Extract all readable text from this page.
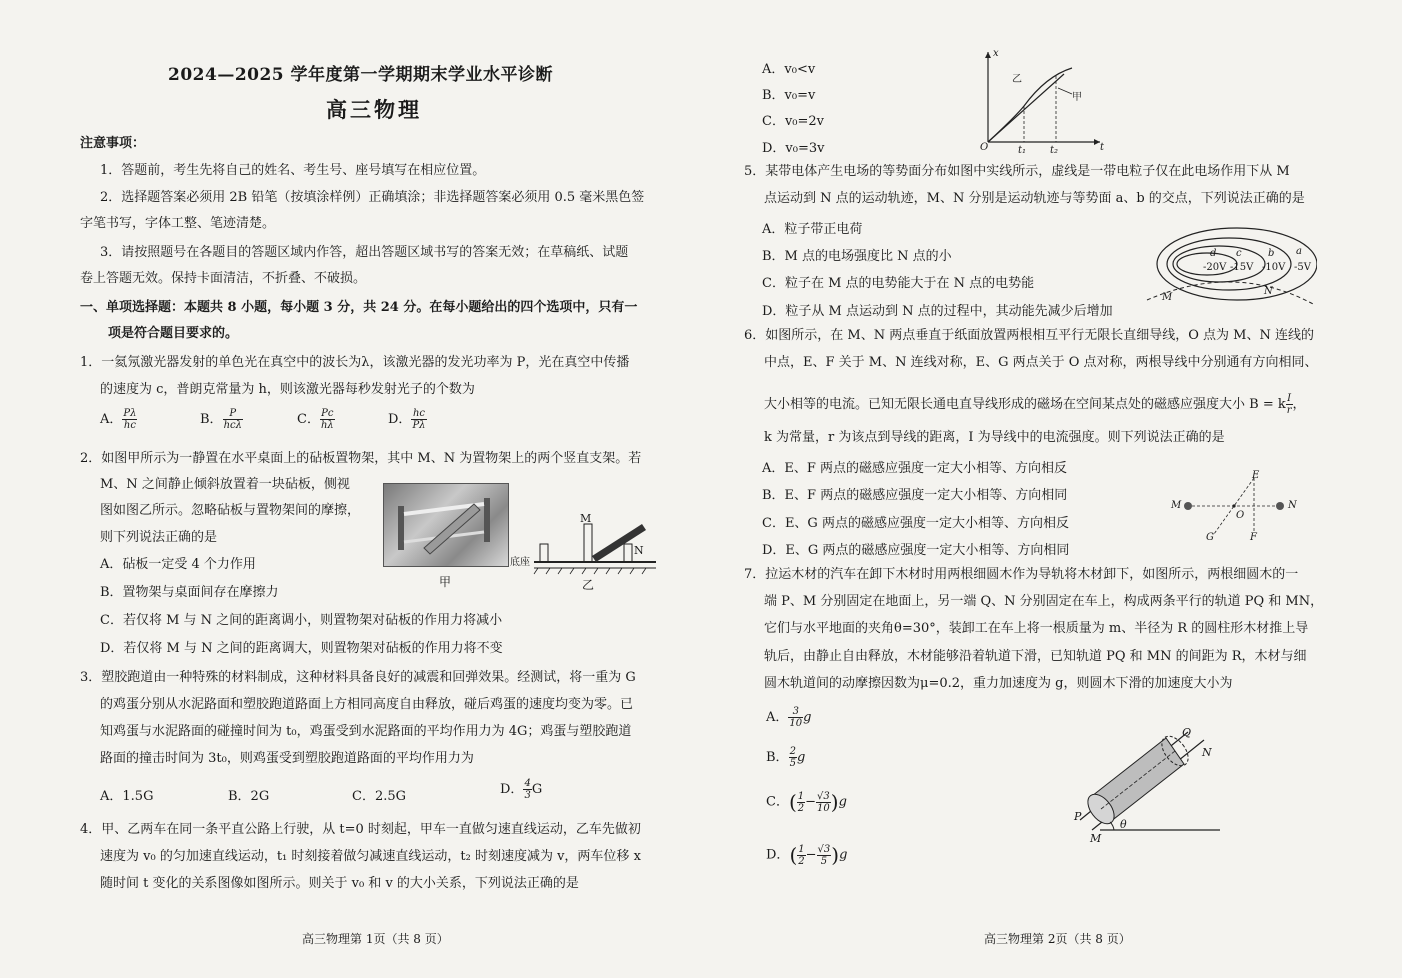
2024—2025 学年度第一学期期末学业水平诊断
高三物理
注意事项：
1．答题前，考生先将自己的姓名、考生号、座号填写在相应位置。
2．选择题答案必须用 2B 铅笔（按填涂样例）正确填涂；非选择题答案必须用 0.5 毫米黑色签
字笔书写，字体工整、笔迹清楚。
3．请按照题号在各题目的答题区域内作答，超出答题区域书写的答案无效；在草稿纸、试题
卷上答题无效。保持卡面清洁，不折叠、不破损。
一、单项选择题：本题共 8 小题，每小题 3 分，共 24 分。在每小题给出的四个选项中，只有一
项是符合题目要求的。
1．一氦氖激光器发射的单色光在真空中的波长为λ，该激光器的发光功率为 P，光在真空中传播
的速度为 c，普朗克常量为 h，则该激光器每秒发射光子的个数为
A． $\frac{P\lambda}{hc}$	B． $\frac{P}{\text{hcλ}}$	C． $\frac{Pc}{h\lambda}$	D． $\frac{hc}{P\lambda}$
2．如图甲所示为一静置在水平桌面上的砧板置物架，其中 M、N 为置物架上的两个竖直支架。若
M、N 之间静止倾斜放置着一块砧板，侧视
图如图乙所示。忽略砧板与置物架间的摩擦，
则下列说法正确的是
A．砧板一定受 4 个力作用
B．置物架与桌面间存在摩擦力
C．若仅将 M 与 N 之间的距离调小，则置物架对砧板的作用力将减小
D．若仅将 M 与 N 之间的距离调大，则置物架对砧板的作用力将不变
甲
M
N
底座
乙
3．塑胶跑道由一种特殊的材料制成，这种材料具备良好的减震和回弹效果。经测试，将一重为 G
的鸡蛋分别从水泥路面和塑胶跑道路面上方相同高度自由释放，碰后鸡蛋的速度均变为零。已
知鸡蛋与水泥路面的碰撞时间为 t₀，鸡蛋受到水泥路面的平均作用力为 4G；鸡蛋与塑胶跑道
路面的撞击时间为 3t₀，则鸡蛋受到塑胶跑道路面的平均作用力为
A．1.5G	B．2G	C．2.5G	D． $\frac{4}{3}$ G
4．甲、乙两车在同一条平直公路上行驶，从 t=0 时刻起，甲车一直做匀速直线运动，乙车先做初
速度为 v₀ 的匀加速直线运动，t₁ 时刻接着做匀减速直线运动，t₂ 时刻速度减为 v，两车位移 x
随时间 t 变化的关系图像如图所示。则关于 v₀ 和 v 的大小关系，下列说法正确的是
高三物理第 1页（共 8 页）
A．v₀<v
B．v₀=v
C．v₀=2v
D．v₀=3v
x
t
O	t₁ t₂
乙
甲
5．某带电体产生电场的等势面分布如图中实线所示，虚线是一带电粒子仅在此电场作用下从 M
点运动到 N 点的运动轨迹，M、N 分别是运动轨迹与等势面 a、b 的交点，下列说法正确的是
A．粒子带正电荷
B．M 点的电场强度比 N 点的小
C．粒子在 M 点的电势能大于在 N 点的电势能
D．粒子从 M 点运动到 N 点的过程中，其动能先减少后增加
-20V -15V -10V -5V
d c	b a
M
N
6．如图所示，在 M、N 两点垂直于纸面放置两根相互平行无限长直细导线，O 点为 M、N 连线的
中点，E、F 关于 M、N 连线对称，E、G 两点关于 O 点对称，两根导线中分别通有方向相同、
大小相等的电流。已知无限长通电直导线形成的磁场在空间某点处的磁感应强度大小 B = k $\frac{I}{r}$ ，
k 为常量，r 为该点到导线的距离，I 为导线中的电流强度。则下列说法正确的是
A．E、F 两点的磁感应强度一定大小相等、方向相反
B．E、F 两点的磁感应强度一定大小相等、方向相同
C．E、G 两点的磁感应强度一定大小相等、方向相反
D．E、G 两点的磁感应强度一定大小相等、方向相同
M	N
O
E
F
G
7．拉运木材的汽车在卸下木材时用两根细圆木作为导轨将木材卸下，如图所示，两根细圆木的一
端 P、M 分别固定在地面上，另一端 Q、N 分别固定在车上，构成两条平行的轨道 PQ 和 MN，
它们与水平地面的夹角θ=30°，装卸工在车上将一根质量为 m、半径为 R 的圆柱形木材推上导
轨后，由静止自由释放，木材能够沿着轨道下滑，已知轨道 PQ 和 MN 的间距为 R，木材与细
圆木轨道间的动摩擦因数为μ=0.2，重力加速度为 g，则圆木下滑的加速度大小为
A． $\frac{3}{10}$ g
B． $\frac{2}{5}$ g
C．( $\frac{1}{2} - \frac{√3}{10} )g$
D．( $\frac{1}{2} - \frac{√3}{5} )g$
P
M
Q
N
θ
高三物理第 2页（共 8 页）
